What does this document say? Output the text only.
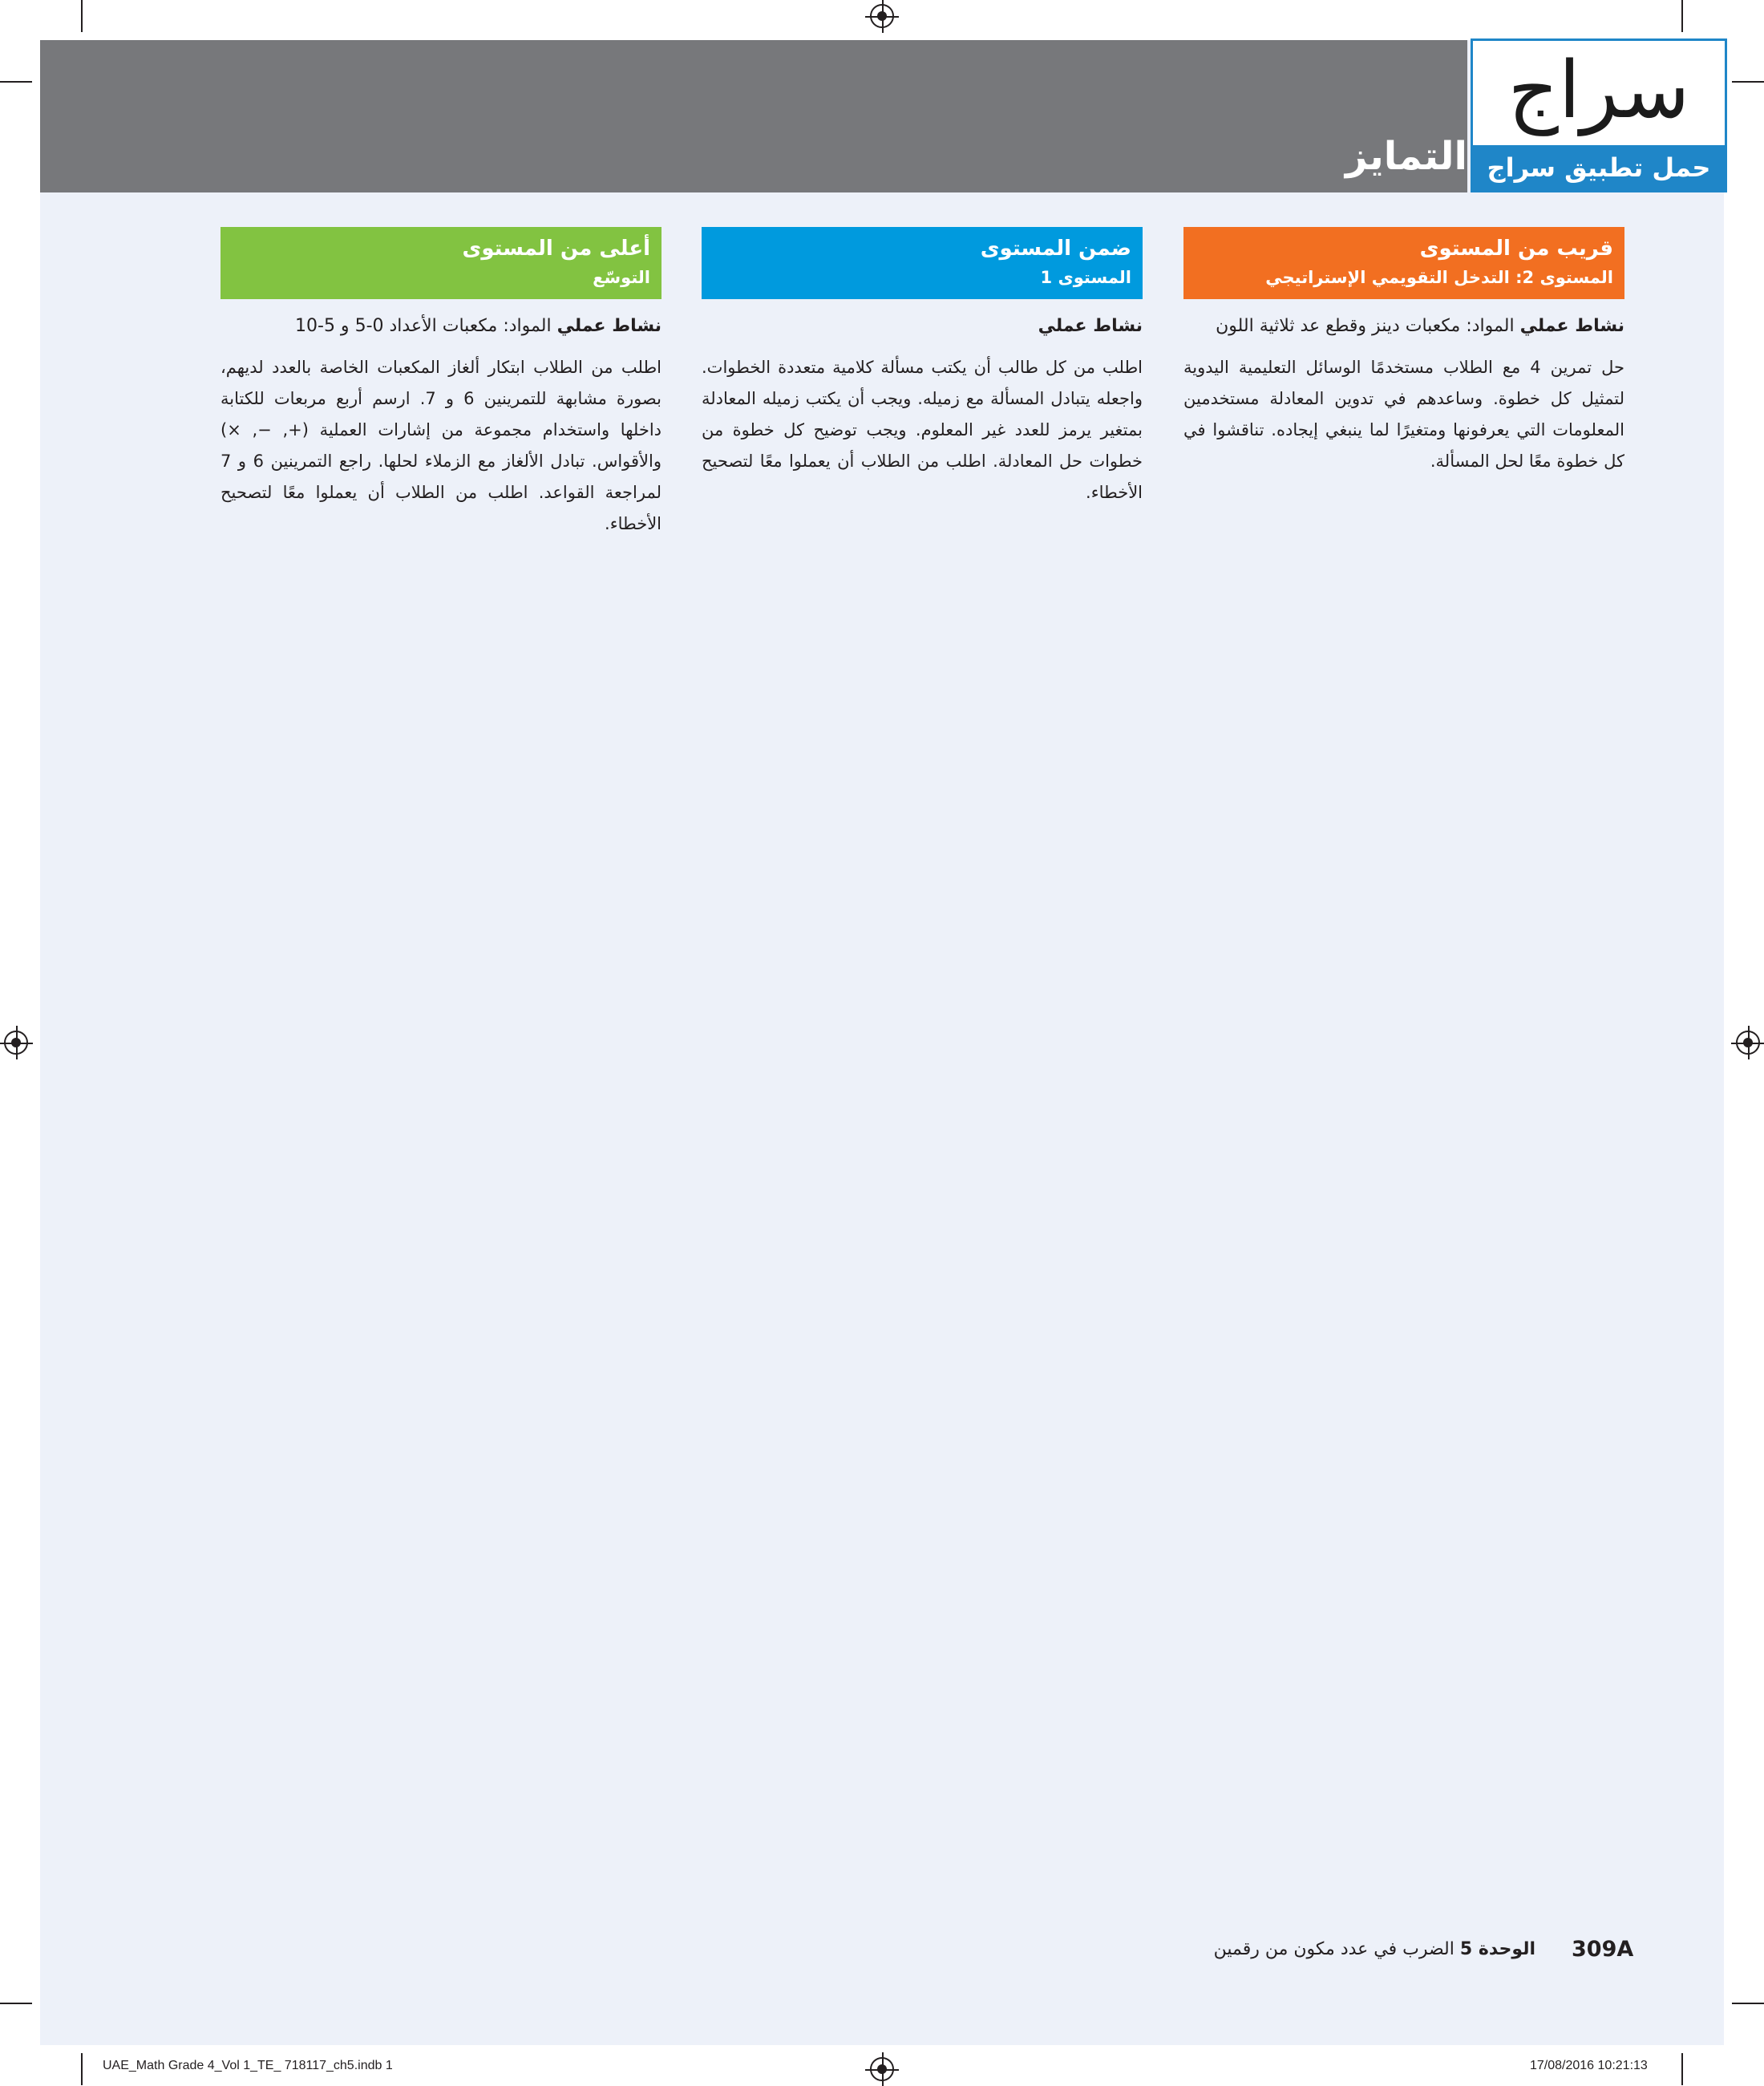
التمايز
سراج
حمل تطبيق سراج
قريب من المستوى
المستوى 2: التدخل التقويمي الإستراتيجي
نشاط عملي المواد: مكعبات دينز وقطع عد ثلاثية اللون
حل تمرين 4 مع الطلاب مستخدمًا الوسائل التعليمية اليدوية لتمثيل كل خطوة. وساعدهم في تدوين المعادلة مستخدمين المعلومات التي يعرفونها ومتغيرًا لما ينبغي إيجاده. تناقشوا في كل خطوة معًا لحل المسألة.
ضمن المستوى
المستوى 1
نشاط عملي
اطلب من كل طالب أن يكتب مسألة كلامية متعددة الخطوات. واجعله يتبادل المسألة مع زميله. ويجب أن يكتب زميله المعادلة بمتغير يرمز للعدد غير المعلوم. ويجب توضيح كل خطوة من خطوات حل المعادلة. اطلب من الطلاب أن يعملوا معًا لتصحيح الأخطاء.
أعلى من المستوى
التوسّع
نشاط عملي المواد: مكعبات الأعداد 0-5 و 5-10
اطلب من الطلاب ابتكار ألغاز المكعبات الخاصة بالعدد لديهم، بصورة مشابهة للتمرينين 6 و 7. ارسم أربع مربعات للكتابة داخلها واستخدام مجموعة من إشارات العملية (+, −, ×) والأقواس. تبادل الألغاز مع الزملاء لحلها. راجع التمرينين 6 و 7 لمراجعة القواعد. اطلب من الطلاب أن يعملوا معًا لتصحيح الأخطاء.
309A
الوحدة 5 الضرب في عدد مكون من رقمين
UAE_Math Grade 4_Vol 1_TE_ 718117_ch5.indb 1	17/08/2016 10:21:13
